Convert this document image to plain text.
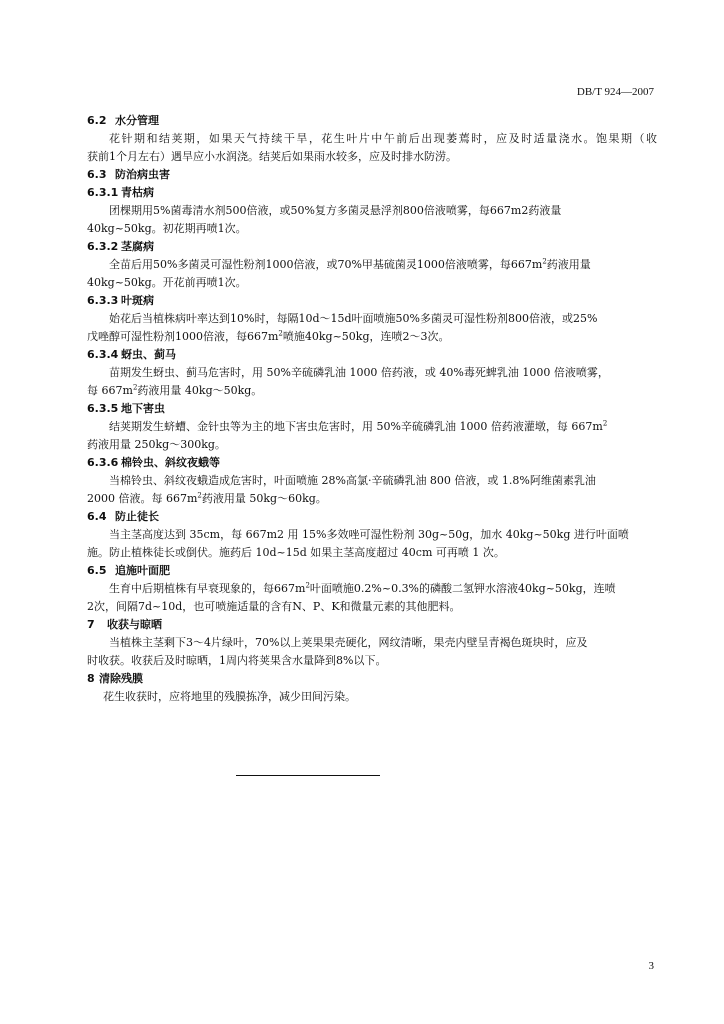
DB/T 924—2007

6.2 水分管理

花针期和结荚期，如果天气持续干旱，花生叶片中午前后出现萎蔫时，应及时适量浇水。饱果期（收
获前1个月左右）遇旱应小水润浇。结荚后如果雨水较多，应及时排水防涝。

6.3 防治病虫害

6.3.1 青枯病

团棵期用5%菌毒清水剂500倍液，或50%复方多菌灵悬浮剂800倍液喷雾，每667m2药液量
40kg~50kg。初花期再喷1次。

6.3.2 茎腐病

全苗后用50%多菌灵可湿性粉剂1000倍液，或70%甲基硫菌灵1000倍液喷雾，每$667m^2$药液用量
40kg~50kg。开花前再喷1次。

6.3.3 叶斑病

始花后当植株病叶率达到10%时，每隔10d～15d叶面喷施50%多菌灵可湿性粉剂800倍液，或25%
戊唑醇可湿性粉剂1000倍液，每$667m^2$喷施40kg~50kg，连喷2～3次。

6.3.4 蚜虫、蓟马

苗期发生蚜虫、蓟马危害时，用 50%辛硫磷乳油 1000 倍药液，或 40%毒死蜱乳油 1000 倍液喷雾，
每 $667m^2$药液用量 40kg～50kg。

6.3.5 地下害虫

结荚期发生蛴螬、金针虫等为主的地下害虫危害时，用 50%辛硫磷乳油 1000 倍药液灌墩，每 $667m^2$
药液用量 250kg～300kg。

6.3.6 棉铃虫、斜纹夜蛾等

当棉铃虫、斜纹夜蛾造成危害时，叶面喷施 28%高氯·辛硫磷乳油 800 倍液，或 1.8%阿维菌素乳油
2000 倍液。每 $667m^2$药液用量 50kg～60kg。

6.4 防止徒长

当主茎高度达到 35cm，每 667m2 用 15%多效唑可湿性粉剂 30g~50g，加水 40kg~50kg 进行叶面喷
施。防止植株徒长或倒伏。施药后 10d~15d 如果主茎高度超过 40cm 可再喷 1 次。

6.5 追施叶面肥

生育中后期植株有早衰现象的，每$667m^2$叶面喷施0.2%~0.3%的磷酸二氢钾水溶液40kg~50kg，连喷
2次，间隔7d~10d，也可喷施适量的含有N、P、K和微量元素的其他肥料。

7 收获与晾晒

当植株主茎剩下3～4片绿叶，70%以上荚果果壳硬化，网纹清晰，果壳内壁呈青褐色斑块时，应及
时收获。收获后及时晾晒，1周内将荚果含水量降到8%以下。

8 清除残膜

花生收获时，应将地里的残膜拣净，减少田间污染。
3
